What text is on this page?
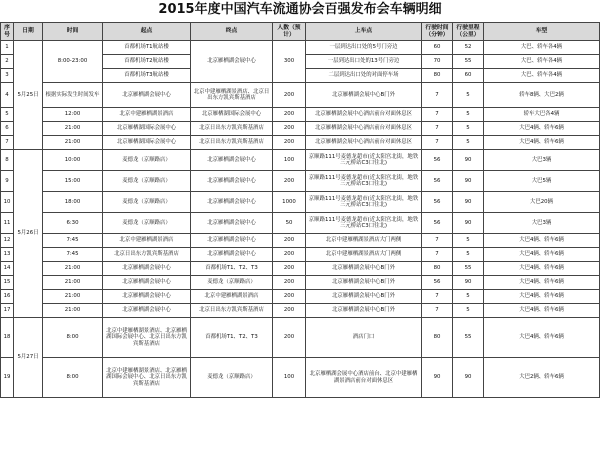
2015年度中国汽车流通协会百强发布会车辆明细
序号	日期	时间	起点	终点	人数（预计）	上车点	行驶时间（分钟）	行驶里程（公里）	车型
1	5月25日	8:00-23:00	首都机场T1航站楼	北京雁栖湖会展中心	300	一层到达出口处的5号门旁边	60	52	大巴、轿车各4辆
2			首都机场T2航站楼			一层到达出口处的13号门旁边	70	55	大巴、轿车各4辆
3			首都机场T3航站楼			二层到达出口处的对面停车场	80	60	大巴、轿车各4辆
4		根据实际发生时间发车	北京雁栖湖会展中心	北京中建雁栖湖景酒店、北京日出东方凯宾斯基酒店	200	北京雁栖湖会展中心B门外	7	5	轿车8辆、大巴2辆
5		12:00	北京中建雁栖湖景酒店	北京雁栖湖国际会展中心	200	北京雁栖湖会展中心酒店前台对面休息区	7	5	轿车大巴各4辆
6		21:00	北京雁栖湖国际会展中心	北京日出东方凯宾斯基酒店	200	北京雁栖湖会展中心酒店前台对面休息区	7	5	大巴4辆、轿车6辆
7		21:00	北京雁栖湖国际会展中心	北京日出东方凯宾斯基酒店	200	北京雁栖湖会展中心酒店前台对面休息区	7	5	大巴4辆、轿车6辆
8	5月26日	10:00	麦德龙（京顺路店）	北京雁栖湖会展中心	100	京顺路111号麦德龙超市(近太阳宫北街，地铁三元桥站C3口往北)	56	90	大巴3辆
9		15:00	麦德龙（京顺路店）	北京雁栖湖会展中心	200	京顺路111号麦德龙超市(近太阳宫北街，地铁三元桥站C3口往北)	56	90	大巴5辆
10		18:00	麦德龙（京顺路店）	北京雁栖湖会展中心	1000	京顺路111号麦德龙超市(近太阳宫北街，地铁三元桥站C3口往北)	56	90	大巴20辆
11		6:30	麦德龙（京顺路店）	北京雁栖湖会展中心	50	京顺路111号麦德龙超市(近太阳宫北街，地铁三元桥站C3口往北)	56	90	大巴3辆
12		7:45	北京中建雁栖湖景酒店	北京雁栖湖会展中心	200	北京中建雁栖湖景酒店大门两侧	7	5	大巴4辆、轿车6辆
13		7:45	北京日出东方凯宾斯基酒店	北京雁栖湖会展中心	200	北京中建雁栖湖景酒店大门两侧	7	5	大巴4辆、轿车6辆
14		21:00	北京雁栖湖会展中心	首都机场T1、T2、T3	200	北京雁栖湖会展中心B门外	80	55	大巴4辆、轿车6辆
15		21:00	北京雁栖湖会展中心	麦德龙（京顺路店）	200	北京雁栖湖会展中心B门外	56	90	大巴4辆、轿车6辆
16		21:00	北京雁栖湖会展中心	北京中建雁栖湖景酒店	200	北京雁栖湖会展中心B门外	7	5	大巴4辆、轿车6辆
17		21:00	北京雁栖湖会展中心	北京日出东方凯宾斯基酒店	200	北京雁栖湖会展中心B门外	7	5	大巴4辆、轿车6辆
18	5月27日	8:00	北京中建雁栖湖景酒店、北京雁栖湖国际会展中心、北京日出东方凯宾斯基酒店	首都机场T1、T2、T3	200	酒店门口	80	55	大巴4辆、轿车6辆
19		8:00	北京中建雁栖湖景酒店、北京雁栖湖国际会展中心、北京日出东方凯宾斯基酒店	麦德龙（京顺路店）	100	北京雁栖湖会展中心酒店前台、北京中建雁栖湖景酒店前台对面休息区	90	90	大巴2辆、轿车6辆
